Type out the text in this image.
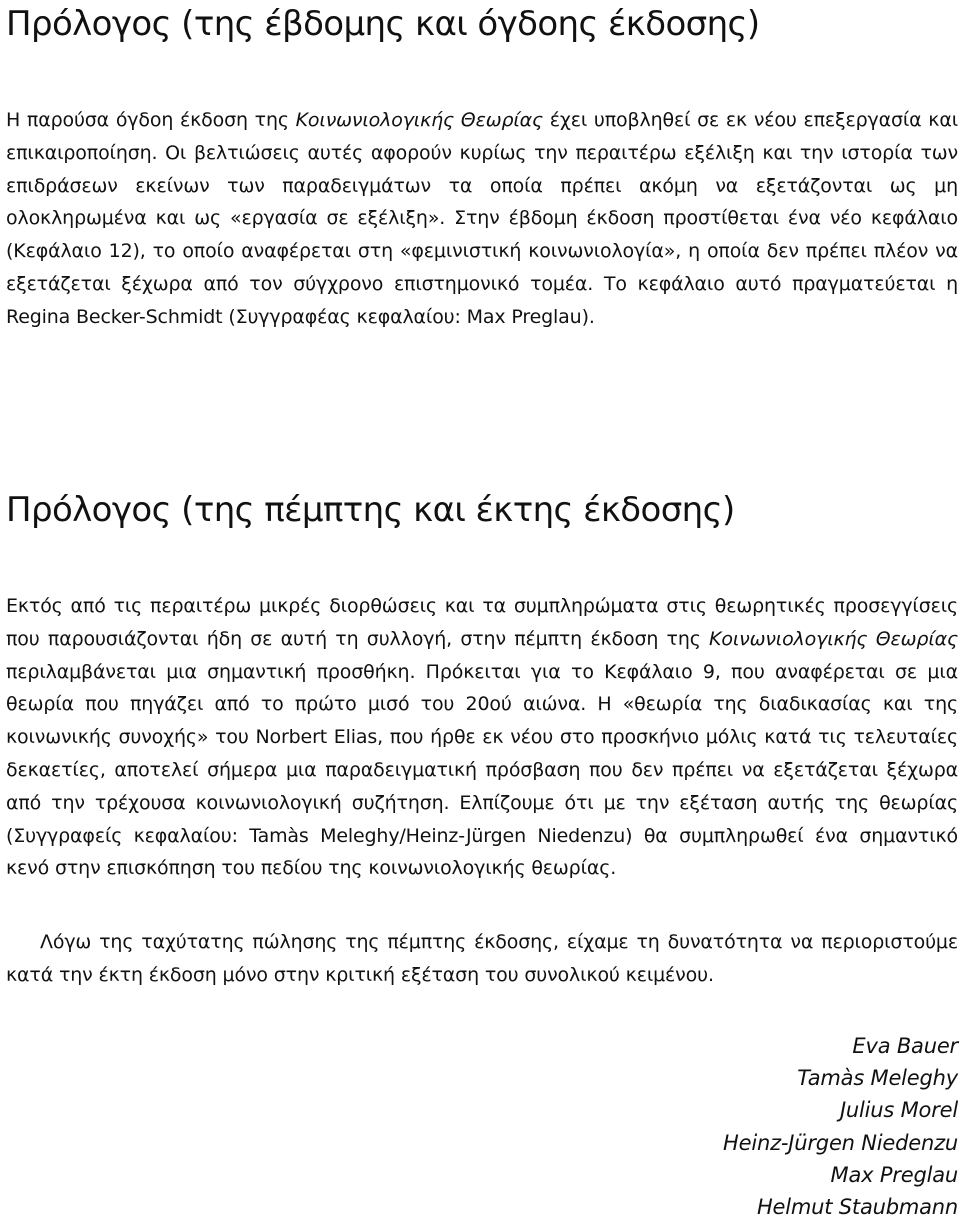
Πρόλογος (της έβδομης και όγδοης έκδοσης)

Η παρούσα όγδοη έκδοση της Κοινωνιολογικής Θεωρίας έχει υποβληθεί σε εκ νέου επεξεργασία και επικαιροποίηση. Οι βελτιώσεις αυτές αφορούν κυρίως την περαιτέρω εξέλιξη και την ιστορία των επιδράσεων εκείνων των παραδειγμάτων τα οποία πρέπει ακόμη να εξετάζονται ως μη ολοκληρωμένα και ως «εργασία σε εξέλιξη». Στην έβδομη έκδοση προστίθεται ένα νέο κεφάλαιο (Κεφάλαιο 12), το οποίο αναφέρεται στη «φεμινιστική κοινωνιολογία», η οποία δεν πρέπει πλέον να εξετάζεται ξέχωρα από τον σύγχρονο επιστημονικό τομέα. Το κεφάλαιο αυτό πραγματεύεται η Regina Becker-Schmidt (Συγγραφέας κεφαλαίου: Max Preglau).

Πρόλογος (της πέμπτης και έκτης έκδοσης)

Εκτός από τις περαιτέρω μικρές διορθώσεις και τα συμπληρώματα στις θεωρητικές προσεγγίσεις που παρουσιάζονται ήδη σε αυτή τη συλλογή, στην πέμπτη έκδοση της Κοινωνιολογικής Θεωρίας περιλαμβάνεται μια σημαντική προσθήκη. Πρόκειται για το Κεφάλαιο 9, που αναφέρεται σε μια θεωρία που πηγάζει από το πρώτο μισό του 20ού αιώνα. Η «θεωρία της διαδικασίας και της κοινωνικής συνοχής» του Norbert Elias, που ήρθε εκ νέου στο προσκήνιο μόλις κατά τις τελευταίες δεκαετίες, αποτελεί σήμερα μια παραδειγματική πρόσβαση που δεν πρέπει να εξετάζεται ξέχωρα από την τρέχουσα κοινωνιολογική συζήτηση. Ελπίζουμε ότι με την εξέταση αυτής της θεωρίας (Συγγραφείς κεφαλαίου: Tamàs Meleghy/Heinz-Jürgen Niedenzu) θα συμπληρωθεί ένα σημαντικό κενό στην επισκόπηση του πεδίου της κοινωνιολογικής θεωρίας.

Λόγω της ταχύτατης πώλησης της πέμπτης έκδοσης, είχαμε τη δυνατότητα να περιοριστούμε κατά την έκτη έκδοση μόνο στην κριτική εξέταση του συνολικού κειμένου.

Eva Bauer
Tamàs Meleghy
Julius Morel
Heinz-Jürgen Niedenzu
Max Preglau
Helmut Staubmann
